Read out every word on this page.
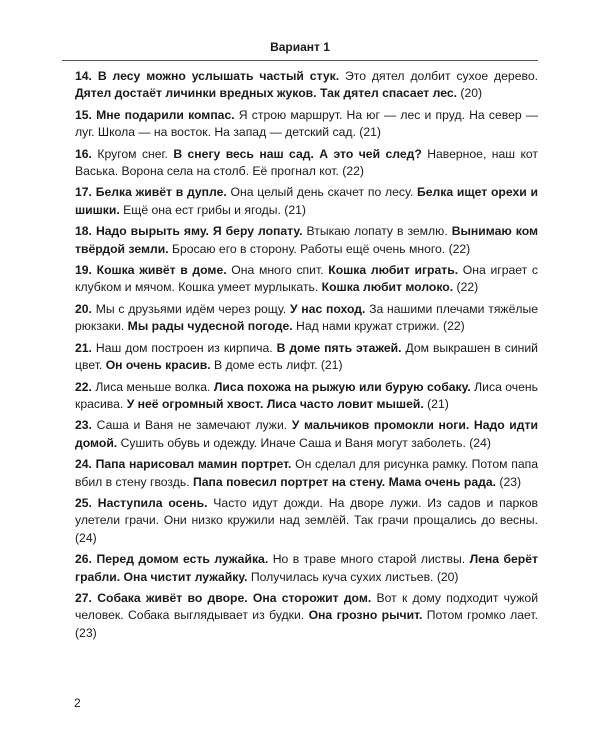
Вариант 1

14. В лесу можно услышать частый стук. Это дятел долбит сухое дерево. Дятел достаёт личинки вредных жуков. Так дятел спасает лес. (20)

15. Мне подарили компас. Я строю маршрут. На юг — лес и пруд. На север — луг. Школа — на восток. На запад — детский сад. (21)

16. Кругом снег. В снегу весь наш сад. А это чей след? Наверное, наш кот Васька. Ворона села на столб. Её прогнал кот. (22)

17. Белка живёт в дупле. Она целый день скачет по лесу. Белка ищет орехи и шишки. Ещё она ест грибы и ягоды. (21)

18. Надо вырыть яму. Я беру лопату. Втыкаю лопату в землю. Вынимаю ком твёрдой земли. Бросаю его в сторону. Работы ещё очень много. (22)

19. Кошка живёт в доме. Она много спит. Кошка любит играть. Она играет с клубком и мячом. Кошка умеет мурлыкать. Кошка любит молоко. (22)

20. Мы с друзьями идём через рощу. У нас поход. За нашими плечами тяжёлые рюкзаки. Мы рады чудесной погоде. Над нами кружат стрижи. (22)

21. Наш дом построен из кирпича. В доме пять этажей. Дом выкрашен в синий цвет. Он очень красив. В доме есть лифт. (21)

22. Лиса меньше волка. Лиса похожа на рыжую или бурую собаку. Лиса очень красива. У неё огромный хвост. Лиса часто ловит мышей. (21)

23. Саша и Ваня не замечают лужи. У мальчиков промокли ноги. Надо идти домой. Сушить обувь и одежду. Иначе Саша и Ваня могут заболеть. (24)

24. Папа нарисовал мамин портрет. Он сделал для рисунка рамку. Потом папа вбил в стену гвоздь. Папа повесил портрет на стену. Мама очень рада. (23)

25. Наступила осень. Часто идут дожди. На дворе лужи. Из садов и парков улетели грачи. Они низко кружили над землёй. Так грачи прощались до весны. (24)

26. Перед домом есть лужайка. Но в траве много старой листвы. Лена берёт грабли. Она чистит лужайку. Получилась куча сухих листьев. (20)

27. Собака живёт во дворе. Она сторожит дом. Вот к дому подходит чужой человек. Собака выглядывает из будки. Она грозно рычит. Потом громко лает. (23)

2
